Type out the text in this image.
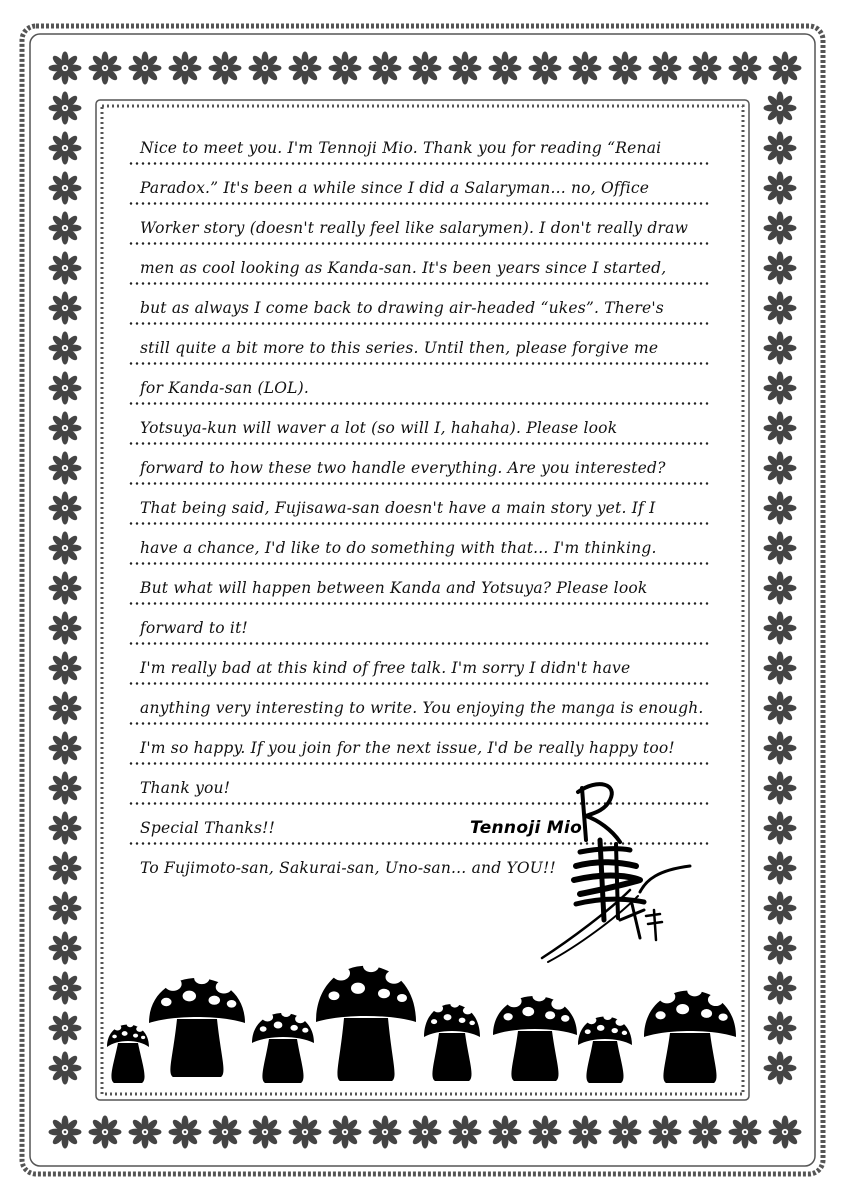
Nice to meet you. I'm Tennoji Mio. Thank you for reading “Renai
Paradox.” It's been a while since I did a Salaryman... no, Office
Worker story (doesn't really feel like salarymen). I don't really draw
men as cool looking as Kanda-san. It's been years since I started,
but as always I come back to drawing air-headed “ukes”. There's
still quite a bit more to this series. Until then, please forgive me
for Kanda-san (LOL).
Yotsuya-kun will waver a lot (so will I, hahaha). Please look
forward to how these two handle everything. Are you interested?
That being said, Fujisawa-san doesn't have a main story yet. If I
have a chance, I'd like to do something with that... I'm thinking.
But what will happen between Kanda and Yotsuya? Please look
forward to it!
I'm really bad at this kind of free talk. I'm sorry I didn't have
anything very interesting to write. You enjoying the manga is enough.
I'm so happy. If you join for the next issue, I'd be really happy too!
Thank you!
Special Thanks!!
To Fujimoto-san, Sakurai-san, Uno-san... and YOU!!
Tennoji Mio
